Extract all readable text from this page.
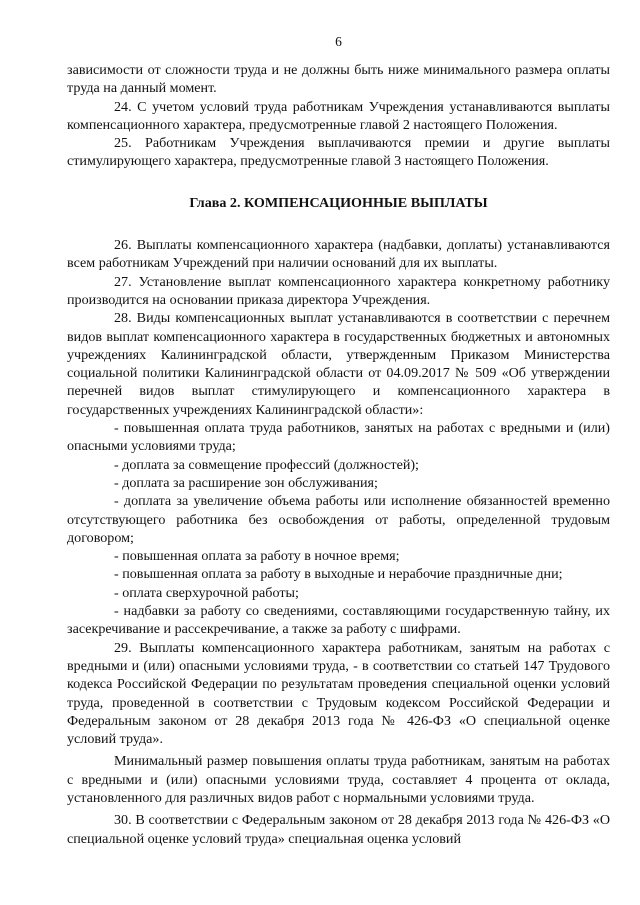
6

зависимости от сложности труда и не должны быть ниже минимального размера оплаты труда на данный момент.

24. С учетом условий труда работникам Учреждения устанавливаются выплаты компенсационного характера, предусмотренные главой 2 настоящего Положения.

25. Работникам Учреждения выплачиваются премии и другие выплаты стимулирующего характера, предусмотренные главой 3 настоящего Положения.

Глава 2. КОМПЕНСАЦИОННЫЕ ВЫПЛАТЫ

26. Выплаты компенсационного характера (надбавки, доплаты) устанавливаются всем работникам Учреждений при наличии оснований для их выплаты.

27. Установление выплат компенсационного характера конкретному работнику производится на основании приказа директора Учреждения.

28. Виды компенсационных выплат устанавливаются в соответствии с перечнем видов выплат компенсационного характера в государственных бюджетных и автономных учреждениях Калининградской области, утвержденным Приказом Министерства социальной политики Калининградской области от 04.09.2017 № 509 «Об утверждении перечней видов выплат стимулирующего и компенсационного характера в государственных учреждениях Калининградской области»:

- повышенная оплата труда работников, занятых на работах с вредными и (или) опасными условиями труда;

- доплата за совмещение профессий (должностей);

- доплата за расширение зон обслуживания;

- доплата за увеличение объема работы или исполнение обязанностей временно отсутствующего работника без освобождения от работы, определенной трудовым договором;

- повышенная оплата за работу в ночное время;

- повышенная оплата за работу в выходные и нерабочие праздничные дни;

- оплата сверхурочной работы;

- надбавки за работу со сведениями, составляющими государственную тайну, их засекречивание и рассекречивание, а также за работу с шифрами.

29. Выплаты компенсационного характера работникам, занятым на работах с вредными и (или) опасными условиями труда, - в соответствии со статьей 147 Трудового кодекса Российской Федерации по результатам проведения специальной оценки условий труда, проведенной в соответствии с Трудовым кодексом Российской Федерации и Федеральным законом от 28 декабря 2013 года № 426-ФЗ «О специальной оценке условий труда».

Минимальный размер повышения оплаты труда работникам, занятым на работах с вредными и (или) опасными условиями труда, составляет 4 процента от оклада, установленного для различных видов работ с нормальными условиями труда.

30. В соответствии с Федеральным законом от 28 декабря 2013 года № 426-ФЗ «О специальной оценке условий труда» специальная оценка условий
